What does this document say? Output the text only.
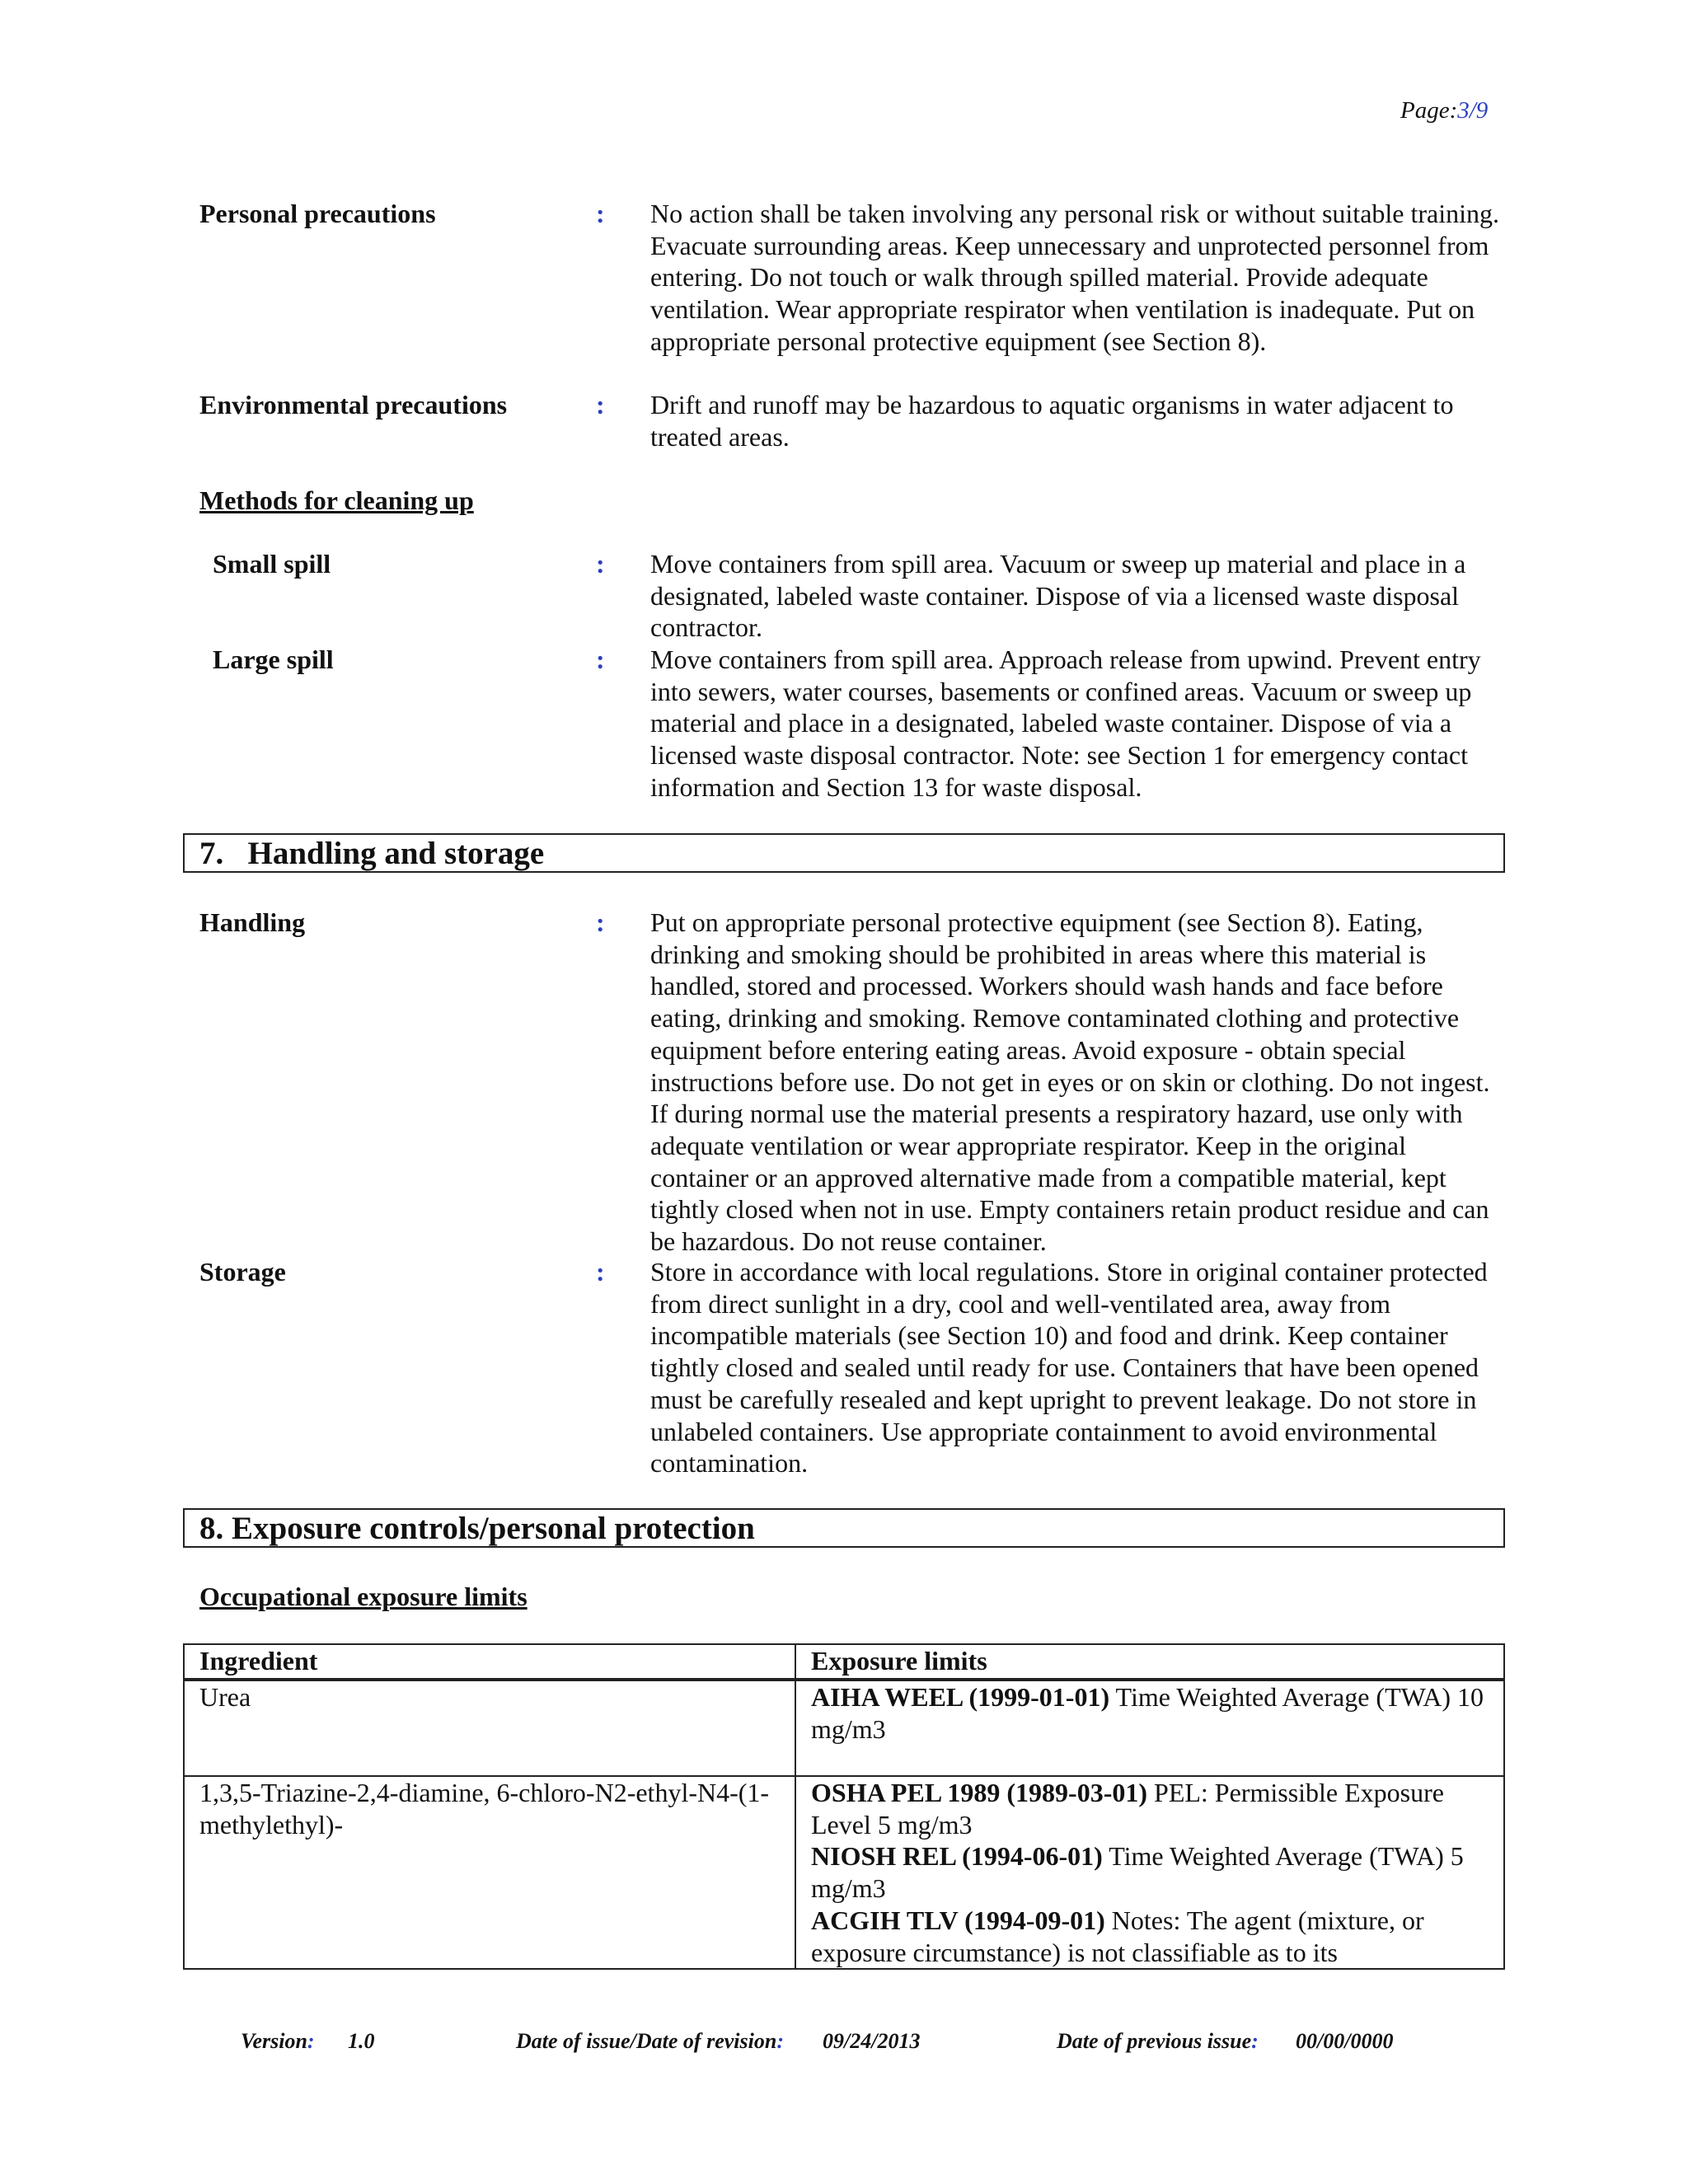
Page:3/9
Personal precautions	: No action shall be taken involving any personal risk or without suitable training. Evacuate surrounding areas. Keep unnecessary and unprotected personnel from entering. Do not touch or walk through spilled material. Provide adequate ventilation. Wear appropriate respirator when ventilation is inadequate. Put on appropriate personal protective equipment (see Section 8).
Environmental precautions	: Drift and runoff may be hazardous to aquatic organisms in water adjacent to treated areas.
Methods for cleaning up
Small spill	: Move containers from spill area. Vacuum or sweep up material and place in a designated, labeled waste container. Dispose of via a licensed waste disposal contractor.
Large spill	: Move containers from spill area. Approach release from upwind. Prevent entry into sewers, water courses, basements or confined areas. Vacuum or sweep up material and place in a designated, labeled waste container. Dispose of via a licensed waste disposal contractor. Note: see Section 1 for emergency contact information and Section 13 for waste disposal.
7.   Handling and storage
Handling	: Put on appropriate personal protective equipment (see Section 8). Eating, drinking and smoking should be prohibited in areas where this material is handled, stored and processed. Workers should wash hands and face before eating, drinking and smoking. Remove contaminated clothing and protective equipment before entering eating areas. Avoid exposure - obtain special instructions before use. Do not get in eyes or on skin or clothing. Do not ingest. If during normal use the material presents a respiratory hazard, use only with adequate ventilation or wear appropriate respirator. Keep in the original container or an approved alternative made from a compatible material, kept tightly closed when not in use. Empty containers retain product residue and can be hazardous. Do not reuse container.
Storage	: Store in accordance with local regulations. Store in original container protected from direct sunlight in a dry, cool and well-ventilated area, away from incompatible materials (see Section 10) and food and drink. Keep container tightly closed and sealed until ready for use. Containers that have been opened must be carefully resealed and kept upright to prevent leakage. Do not store in unlabeled containers. Use appropriate containment to avoid environmental contamination.
8. Exposure controls/personal protection
Occupational exposure limits
Ingredient	Exposure limits
Urea	AIHA WEEL (1999-01-01) Time Weighted Average (TWA) 10 mg/m3

1,3,5-Triazine-2,4-diamine, 6-chloro-N2-ethyl-N4-(1-methylethyl)-	OSHA PEL 1989 (1989-03-01) PEL: Permissible Exposure Level 5 mg/m3

NIOSH REL (1994-06-01) Time Weighted Average (TWA) 5 mg/m3

ACGIH TLV (1994-09-01) Notes: The agent (mixture, or exposure circumstance) is not classifiable as to its

Version: 1.0	Date of issue/Date of revision: 09/24/2013	Date of previous issue: 00/00/0000
